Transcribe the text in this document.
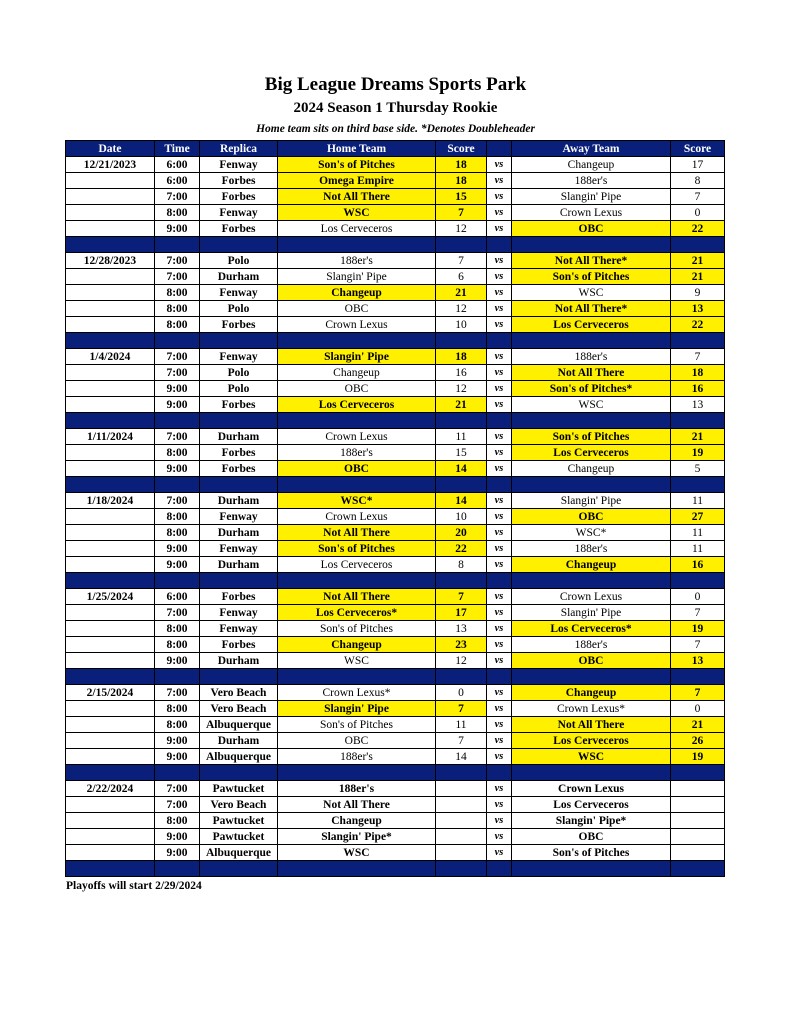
Big League Dreams Sports Park
2024 Season 1 Thursday Rookie
Home team sits on third base side. *Denotes Doubleheader
Date	Time	Replica	Home Team	Score		Away Team	Score
12/21/2023	6:00	Fenway	Son's of Pitches	18	vs	Changeup	17
	6:00	Forbes	Omega Empire	18	vs	188er's	8
	7:00	Forbes	Not All There	15	vs	Slangin' Pipe	7
	8:00	Fenway	WSC	7	vs	Crown Lexus	0
	9:00	Forbes	Los Cerveceros	12	vs	OBC	22

12/28/2023	7:00	Polo	188er's	7	vs	Not All There*	21
	7:00	Durham	Slangin' Pipe	6	vs	Son's of Pitches	21
	8:00	Fenway	Changeup	21	vs	WSC	9
	8:00	Polo	OBC	12	vs	Not All There*	13
	8:00	Forbes	Crown Lexus	10	vs	Los Cerveceros	22

1/4/2024	7:00	Fenway	Slangin' Pipe	18	vs	188er's	7
	7:00	Polo	Changeup	16	vs	Not All There	18
	9:00	Polo	OBC	12	vs	Son's of Pitches*	16
	9:00	Forbes	Los Cerveceros	21	vs	WSC	13

1/11/2024	7:00	Durham	Crown Lexus	11	vs	Son's of Pitches	21
	8:00	Forbes	188er's	15	vs	Los Cerveceros	19
	9:00	Forbes	OBC	14	vs	Changeup	5

1/18/2024	7:00	Durham	WSC*	14	vs	Slangin' Pipe	11
	8:00	Fenway	Crown Lexus	10	vs	OBC	27
	8:00	Durham	Not All There	20	vs	WSC*	11
	9:00	Fenway	Son's of Pitches	22	vs	188er's	11
	9:00	Durham	Los Cerveceros	8	vs	Changeup	16

1/25/2024	6:00	Forbes	Not All There	7	vs	Crown Lexus	0
	7:00	Fenway	Los Cerveceros*	17	vs	Slangin' Pipe	7
	8:00	Fenway	Son's of Pitches	13	vs	Los Cerveceros*	19
	8:00	Forbes	Changeup	23	vs	188er's	7
	9:00	Durham	WSC	12	vs	OBC	13

2/15/2024	7:00	Vero Beach	Crown Lexus*	0	vs	Changeup	7
	8:00	Vero Beach	Slangin' Pipe	7	vs	Crown Lexus*	0
	8:00	Albuquerque	Son's of Pitches	11	vs	Not All There	21
	9:00	Durham	OBC	7	vs	Los Cerveceros	26
	9:00	Albuquerque	188er's	14	vs	WSC	19

2/22/2024	7:00	Pawtucket	188er's		vs	Crown Lexus	
	7:00	Vero Beach	Not All There		vs	Los Cerveceros	
	8:00	Pawtucket	Changeup		vs	Slangin' Pipe*	
	9:00	Pawtucket	Slangin' Pipe*		vs	OBC	
	9:00	Albuquerque	WSC		vs	Son's of Pitches	

Playoffs will start 2/29/2024
